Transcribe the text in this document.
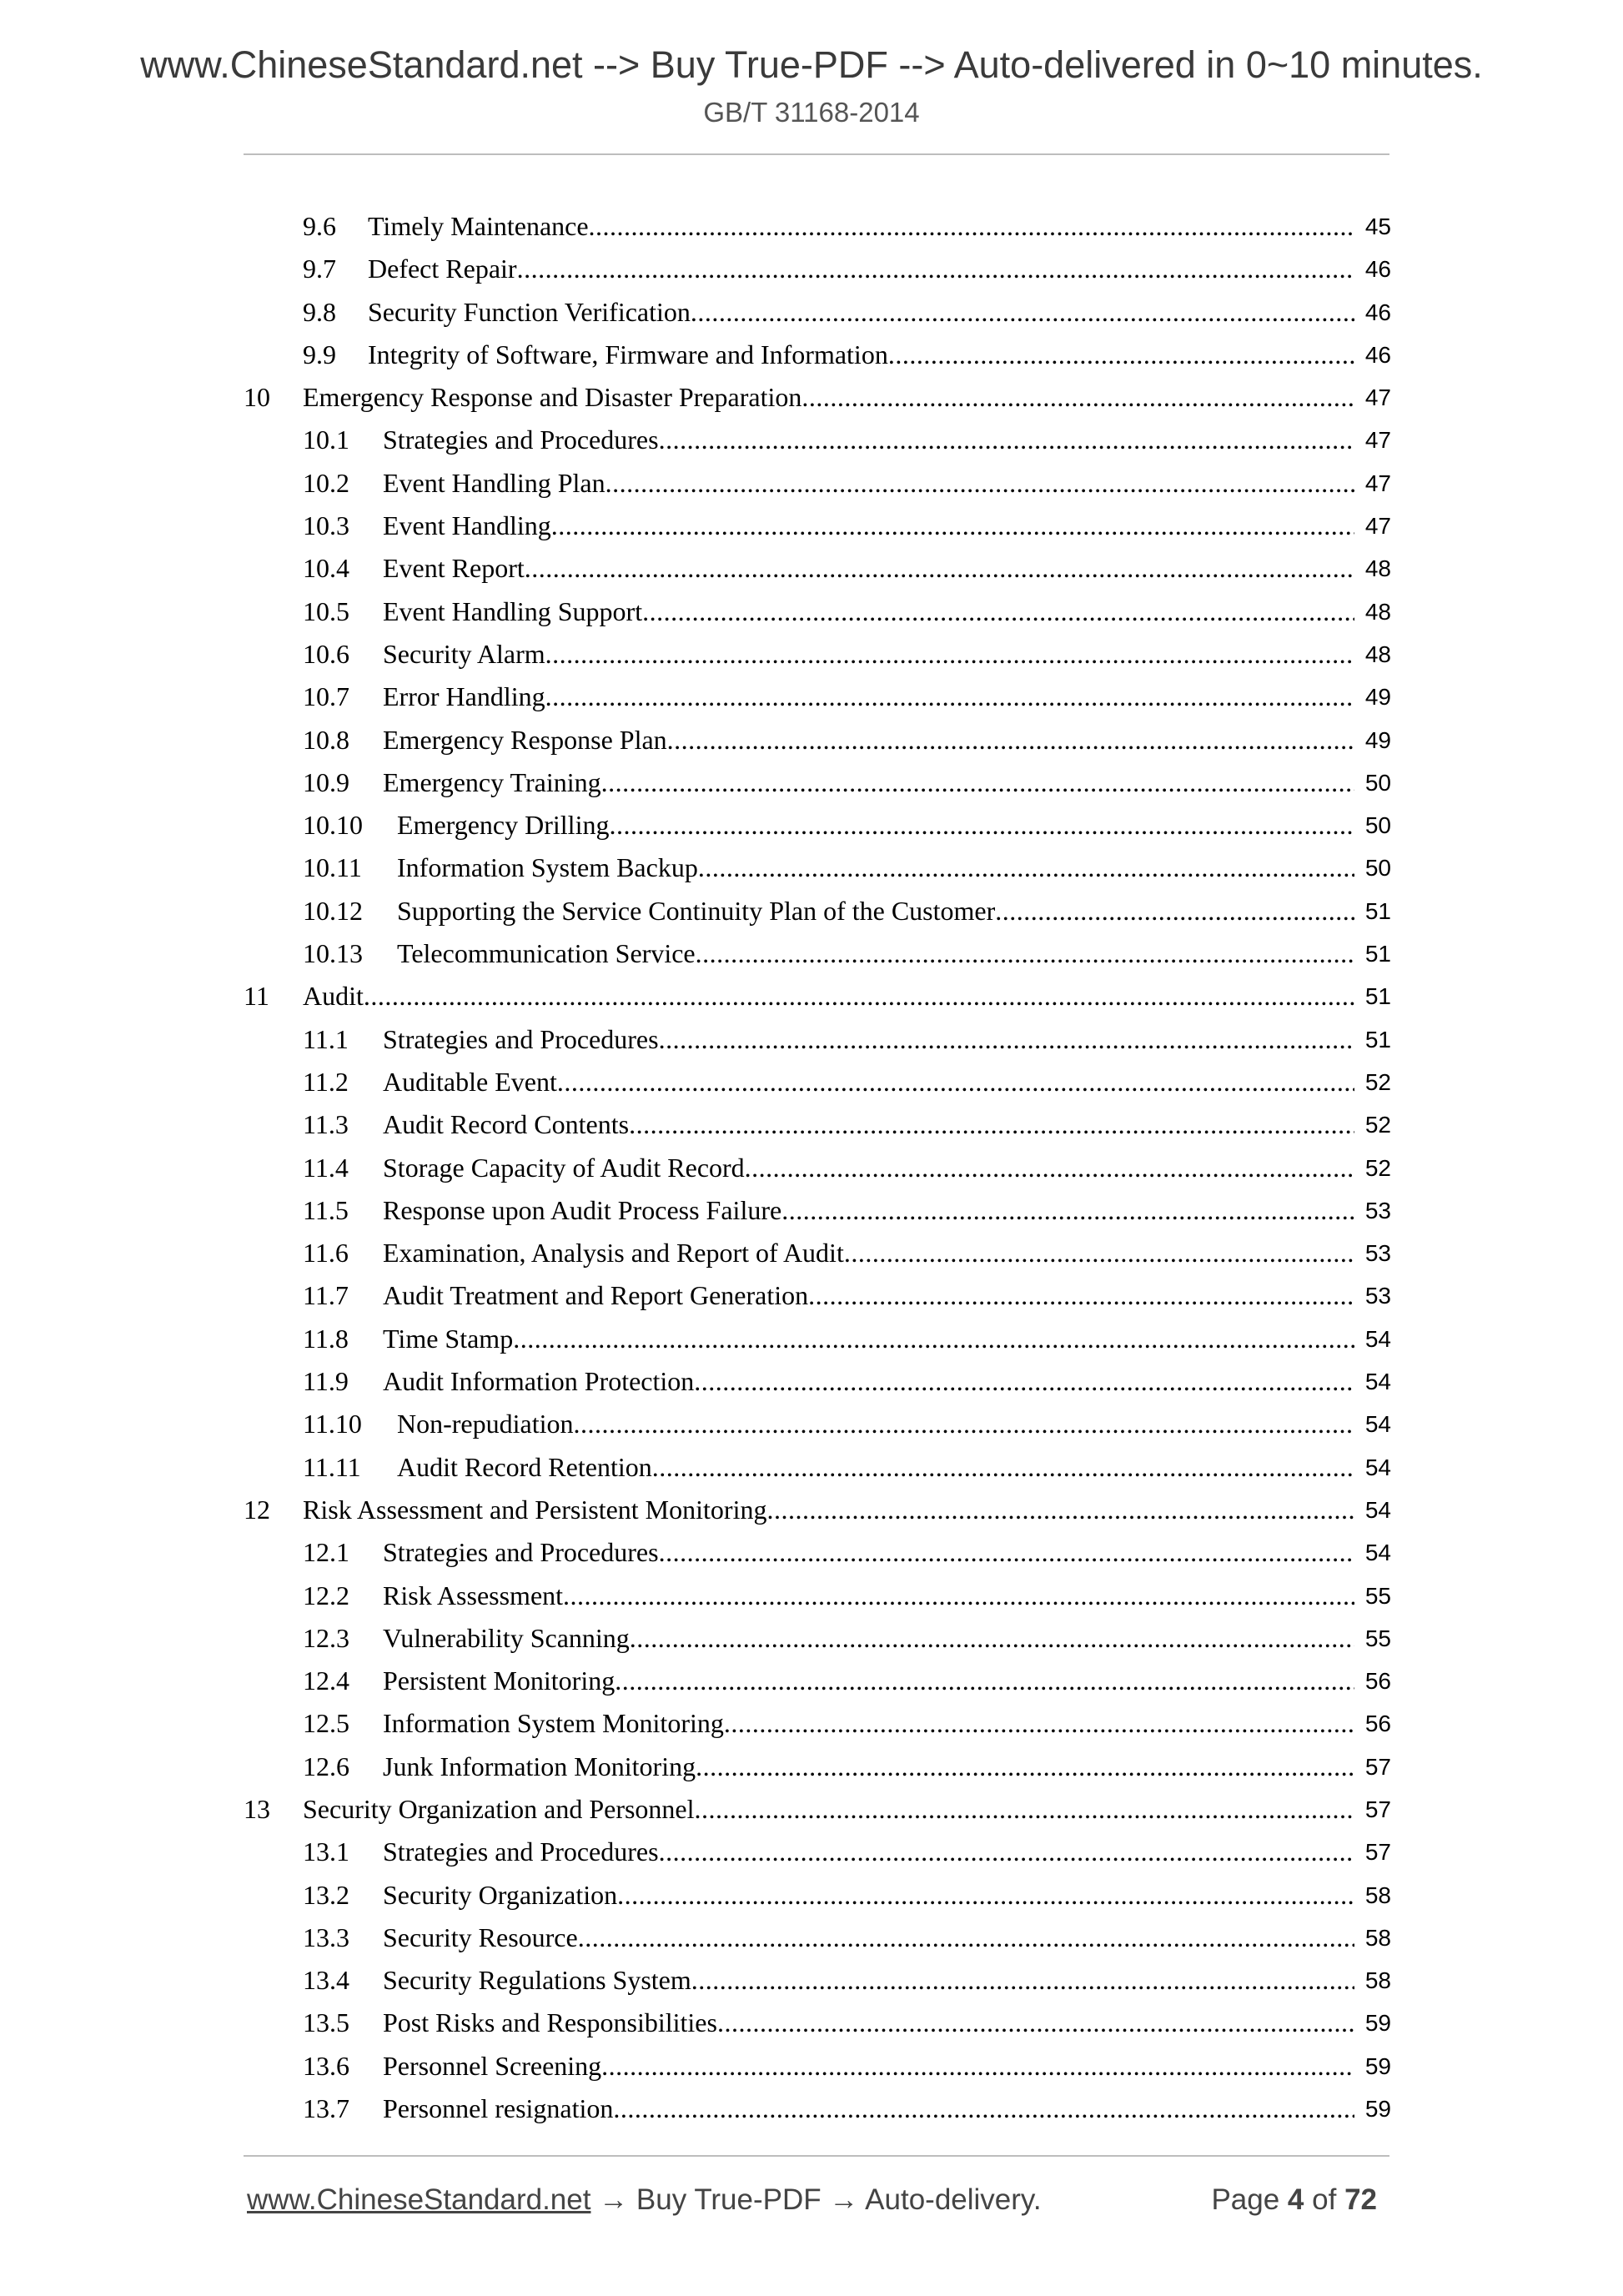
www.ChineseStandard.net --> Buy True-PDF --> Auto-delivered in 0~10 minutes.
GB/T 31168-2014
9.6 Timely Maintenance .....	45
9.7 Defect Repair .....	46
9.8 Security Function Verification .....	46
9.9 Integrity of Software, Firmware and Information .....	46
10 Emergency Response and Disaster Preparation .....	47
10.1 Strategies and Procedures .....	47
10.2 Event Handling Plan .....	47
10.3 Event Handling .....	47
10.4 Event Report .....	48
10.5 Event Handling Support .....	48
10.6 Security Alarm .....	48
10.7 Error Handling .....	49
10.8 Emergency Response Plan .....	49
10.9 Emergency Training .....	50
10.10 Emergency Drilling .....	50
10.11 Information System Backup .....	50
10.12 Supporting the Service Continuity Plan of the Customer .....	51
10.13 Telecommunication Service .....	51
11 Audit .....	51
11.1 Strategies and Procedures .....	51
11.2 Auditable Event .....	52
11.3 Audit Record Contents .....	52
11.4 Storage Capacity of Audit Record .....	52
11.5 Response upon Audit Process Failure .....	53
11.6 Examination, Analysis and Report of Audit .....	53
11.7 Audit Treatment and Report Generation .....	53
11.8 Time Stamp .....	54
11.9 Audit Information Protection .....	54
11.10 Non-repudiation .....	54
11.11 Audit Record Retention .....	54
12 Risk Assessment and Persistent Monitoring .....	54
12.1 Strategies and Procedures .....	54
12.2 Risk Assessment .....	55
12.3 Vulnerability Scanning .....	55
12.4 Persistent Monitoring .....	56
12.5 Information System Monitoring .....	56
12.6 Junk Information Monitoring .....	57
13 Security Organization and Personnel .....	57
13.1 Strategies and Procedures .....	57
13.2 Security Organization .....	58
13.3 Security Resource .....	58
13.4 Security Regulations System .....	58
13.5 Post Risks and Responsibilities .....	59
13.6 Personnel Screening .....	59
13.7 Personnel resignation .....	59
www.ChineseStandard.net → Buy True-PDF → Auto-delivery.	Page 4 of 72
